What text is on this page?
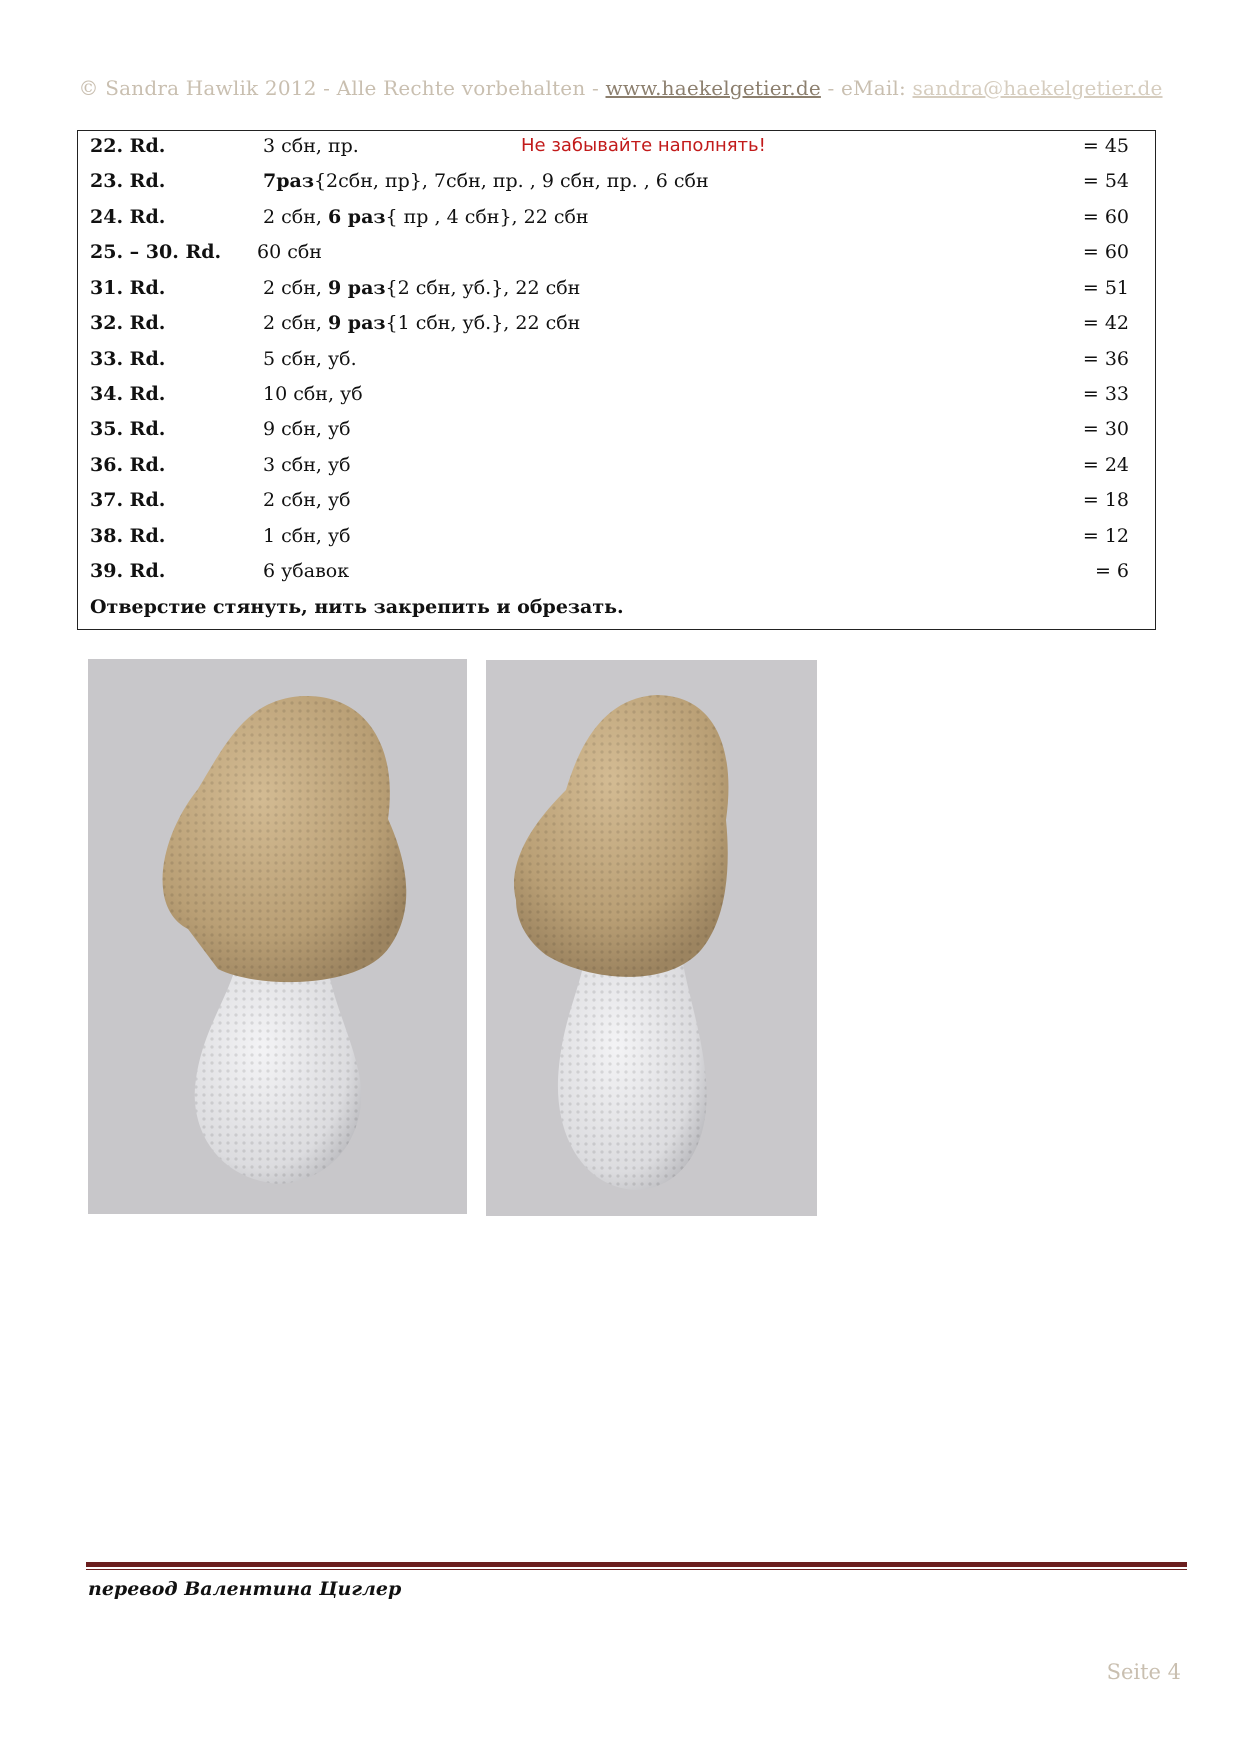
© Sandra Hawlik 2012 - Alle Rechte vorbehalten - www.haekelgetier.de - eMail: sandra@haekelgetier.de
22. Rd.	3 сбн, пр.	Не забывайте наполнять!	= 45
23. Rd.	7раз{2сбн, пр}, 7сбн, пр. , 9 сбн, пр. , 6 сбн	= 54
24. Rd.	2 сбн, 6 раз{ пр , 4 сбн}, 22 сбн	= 60
25. – 30. Rd. 60 сбн	= 60
31. Rd.	2 сбн, 9 раз{2 сбн, уб.}, 22 сбн	= 51
32. Rd.	2 сбн, 9 раз{1 сбн, уб.}, 22 сбн	= 42
33. Rd.	5 сбн, уб.	= 36
34. Rd.	10 сбн, уб	= 33
35. Rd.	9 сбн, уб	= 30
36. Rd.	3 сбн, уб	= 24
37. Rd.	2 сбн, уб	= 18
38. Rd.	1 сбн, уб	= 12
39. Rd.	6 убавок	= 6
Отверстие стянуть, нить закрепить и обрезать.
перевод Валентина Циглер
Seite 4
